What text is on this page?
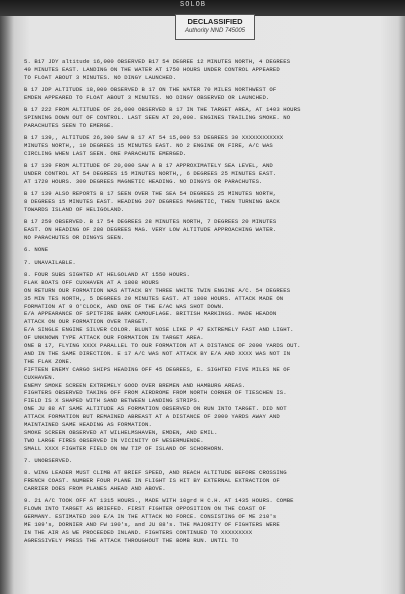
SOLOB
DECLASSIFIED
Authority NND 745005
5. B17 JDY altitude 16,000 OBSERVED B17 54 DEGREE 12 MINUTES NORTH, 4 DEGREES
40 MINUTES EAST. LANDING ON THE WATER AT 1750 HOURS UNDER CONTROL APPEARED
TO FLOAT ABOUT 3 MINUTES. NO DINGY LAUNCHED.
B 17 JDP ALTITUDE 18,000 OBSERVED B 17 ON THE WATER 70 MILES NORTHWEST OF
EMDEN APPEARED TO FLOAT ABOUT 3 MINUTES. NO DINGY OBSERVED OR LAUNCHED.
B 17 222 FROM ALTITUDE OF 26,000 OBSERVED B 17 IN THE TARGET AREA, AT 1403 HOURS
SPINNING DOWN OUT OF CONTROL. LAST SEEN AT 20,000. ENGINES TRAILING SMOKE. NO
PARACHUTES SEEN TO EMERGE.
B 17 139,, ALTITUDE 26,300 SAW B 17 AT 54 15,000 53 DEGREES 30 XXXXXXXXXXXX
MINUTES NORTH,, 10 DEGREES 15 MINUTES EAST. NO 2 ENGINE ON FIRE, A/C WAS
CIRCLING WHEN LAST SEEN. ONE PARACHUTE EMERGED.
B 17 139 FROM ALTITUDE OF 20,000 SAW A B 17 APPROXIMATELY SEA LEVEL, AND
UNDER CONTROL AT 54 DEGREES 15 MINUTES NORTH,, 6 DEGREES 25 MINUTES EAST.
AT 1720 HOURS. 300 DEGREES MAGNETIC HEADING. NO DINGYS OR PARACHUTES.
B 17 139 ALSO REPORTS B 17 SEEN OVER THE SEA 54 DEGREES 25 MINUTES NORTH,
8 DEGREES 15 MINUTES EAST. HEADING 207 DEGREES MAGNETIC, THEN TURNING BACK
TOWARDS ISLAND OF HELIGOLAND.
B 17 259 OBSERVED. B 17 54 DEGREES 28 MINUTES NORTH, 7 DEGREES 20 MINUTES
EAST. ON HEADING OF 280 DEGREES MAG. VERY LOW ALTITUDE APPROACHING WATER.
NO PARACHUTES OR DINGYS SEEN.
6. NONE
7. UNAVAILABLE.
8. FOUR SUBS SIGHTED AT HELGOLAND AT 1550 HOURS.
FLAK BOATS OFF CUXHAVEN AT A 1808 HOURS
ON RETURN OUR FORMATION WAS ATTACK BY THREE WHITE TWIN ENGINE A/C. 54 DEGREES
35 MIN TES NORTH,, 5 DEGREES 20 MINUTES EAST. AT 1808 HOURS. ATTACK MADE ON
FORMATION AT 9 O'CLOCK, AND ONE OF THE E/AC WAS SHOT DOWN.
E/A APPEARANCE OF SPITFIRE BARK CAMOUFLAGE. BRITISH MARKINGS. MADE HEADON
ATTACK ON OUR FORMATION OVER TARGET.
E/A SINGLE ENGINE SILVER COLOR. BLUNT NOSE LIKE P 47 EXTREMELY FAST AND LIGHT.
OF UNKNOWN TYPE ATTACK OUR FORMATION IN TARGET AREA.
ONE B 17, FLYING XXXX PARALLEL TO OUR FORMATION AT A DISTANCE OF 2000 YARDS OUT.
AND IN THE SAME DIRECTION. E 17 A/C WAS NOT ATTACK BY E/A AND XXXX WAS NOT IN
THE FLAK ZONE.
FIFTEEN ENEMY CARGO SHIPS HEADING OFF 45 DEGREES, E. SIGHTED FIVE MILES NE OF
CUXHAVEN.
ENEMY SMOKE SCREEN EXTREMELY GOOD OVER BREMEN AND HAMBURG AREAS.
FIGHTERS OBSERVED TAKING OFF FROM AIRDROME FROM NORTH CORNER OF TIESCHEN IS.
FIELD IS X SHAPED WITH SAND BETWEEN LANDING STRIPS.
ONE JU 88 AT SAME ALTITUDE AS FORMATION OBSERVED ON RUN INTO TARGET. DID NOT
ATTACK FORMATION BUT REMAINED ABREAST AT A DISTANCE OF 2000 YARDS AWAY AND
MAINTAINED SAME HEADING AS FORMATION.
SMOKE SCREEN OBSERVED AT WILHELMSHAVEN, EMDEN, AND EMIL.
TWO LARGE FIRES OBSERVED IN VICINITY OF WESERMUENDE.
SMALL XXXX FIGHTER FIELD ON NW TIP OF ISLAND OF SCHORHORN.
7. UNOBSERVED.
8. WING LEADER MUST CLIMB AT BRIEF SPEED, AND REACH ALTITUDE BEFORE CROSSING
FRENCH COAST. NUMBER FOUR PLANE IN FLIGHT IS HIT BY EXTERNAL EXTRACTION OF
CARRIER DOES FROM PLANES AHEAD AND ABOVE.
9. 21 A/C TOOK OFF AT 1315 HOURS., MADE WITH 10grd H C.H. AT 1435 HOURS. COMBE
FLOWN INTO TARGET AS BRIEFED. FIRST FIGHTER OPPOSITION ON THE COAST OF
GERMANY. ESTIMATED 300 E/A IN THE ATTACK NO FORCE. CONSISTING OF ME 210's
ME 109's, DORNIER AND FW 190's, and JU 88's. THE MAJORITY OF FIGHTERS WERE
IN THE AIR AS WE PROCEEDED INLAND. FIGHTERS CONTINUED TO XXXXXXXXX
AGRESSIVELY PRESS THE ATTACK THROUGHOUT THE BOMB RUN. UNTIL TO
